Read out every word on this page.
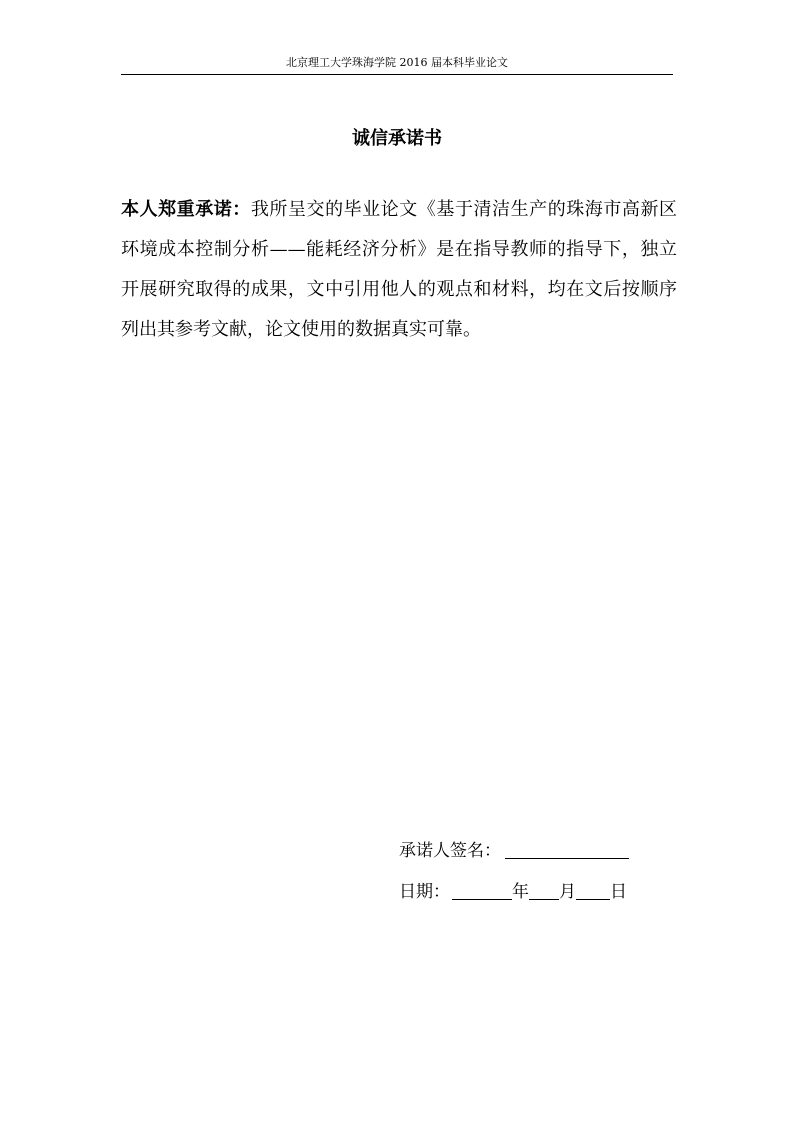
北京理工大学珠海学院 2016 届本科毕业论文
诚信承诺书
本人郑重承诺：我所呈交的毕业论文《基于清洁生产的珠海市高新区环境成本控制分析——能耗经济分析》是在指导教师的指导下，独立开展研究取得的成果，文中引用他人的观点和材料，均在文后按顺序列出其参考文献，论文使用的数据真实可靠。
承诺人签名：
日期：	年 月 日
